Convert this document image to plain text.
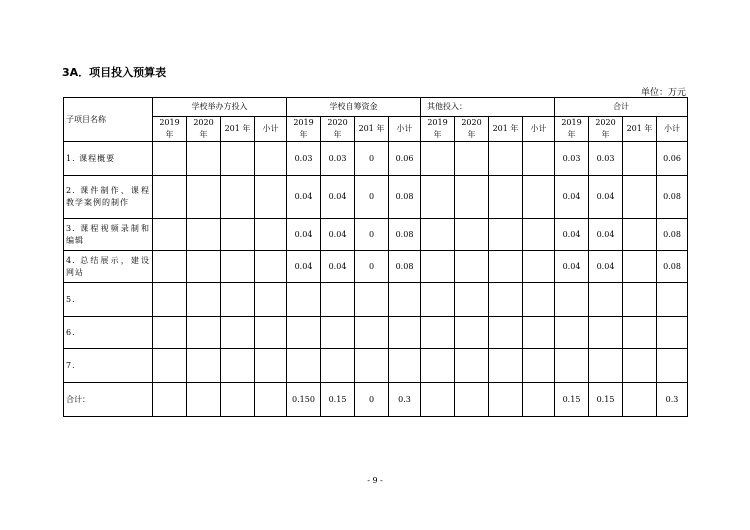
3A．项目投入预算表
单位：万元
子项目名称	学校举办方投入				学校自筹资金				其他投入：				合计			
	2019 年	2020 年	201 年	小计	2019 年	2020 年	201 年	小计	2019 年	2020 年	201 年	小计	2019 年	2020 年	201 年	小计
1. 课程概要					0.03	0.03	0	0.06					0.03	0.03		0.06
2. 课件制作、课程教学案例的制作					0.04	0.04	0	0.08					0.04	0.04		0.08
3. 课程视频录制和编辑					0.04	0.04	0	0.08					0.04	0.04		0.08
4. 总结展示，建设网站					0.04	0.04	0	0.08					0.04	0.04		0.08
5.																
6.																
7.																
合计：					0.150	0.15	0	0.3					0.15	0.15		0.3
- 9 -
